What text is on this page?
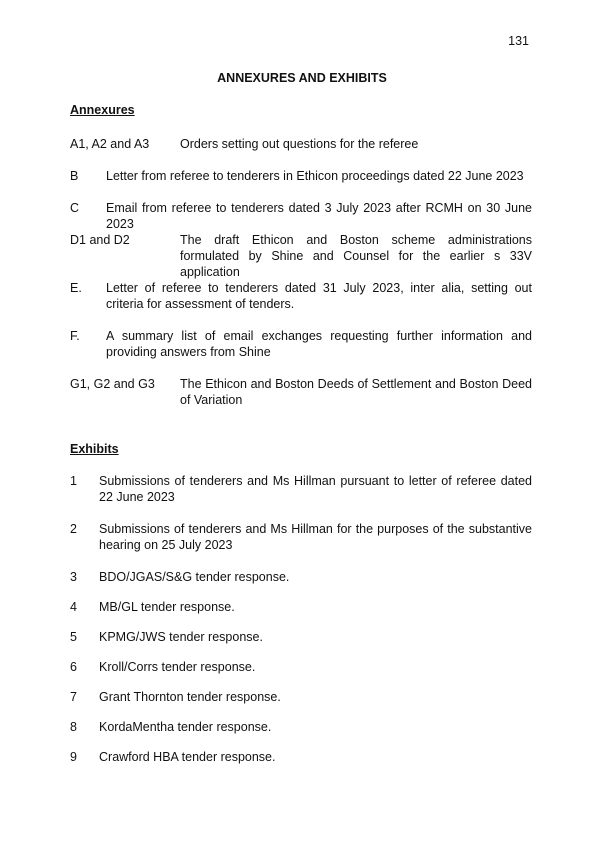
131
ANNEXURES AND EXHIBITS
Annexures
A1, A2 and A3 Orders setting out questions for the referee
B Letter from referee to tenderers in Ethicon proceedings dated 22 June 2023
C Email from referee to tenderers dated 3 July 2023 after RCMH on 30 June 2023
D1 and D2	The draft Ethicon and Boston scheme administrations formulated by Shine and Counsel for the earlier s 33V application
E. Letter of referee to tenderers dated 31 July 2023, inter alia, setting out criteria for assessment of tenders.
F. A summary list of email exchanges requesting further information and providing answers from Shine
G1, G2 and G3 The Ethicon and Boston Deeds of Settlement and Boston Deed of Variation
Exhibits
1 Submissions of tenderers and Ms Hillman pursuant to letter of referee dated 22 June 2023
2 Submissions of tenderers and Ms Hillman for the purposes of the substantive hearing on 25 July 2023
3 BDO/JGAS/S&G tender response.
4 MB/GL tender response.
5 KPMG/JWS tender response.
6 Kroll/Corrs tender response.
7 Grant Thornton tender response.
8 KordaMentha tender response.
9 Crawford HBA tender response.
